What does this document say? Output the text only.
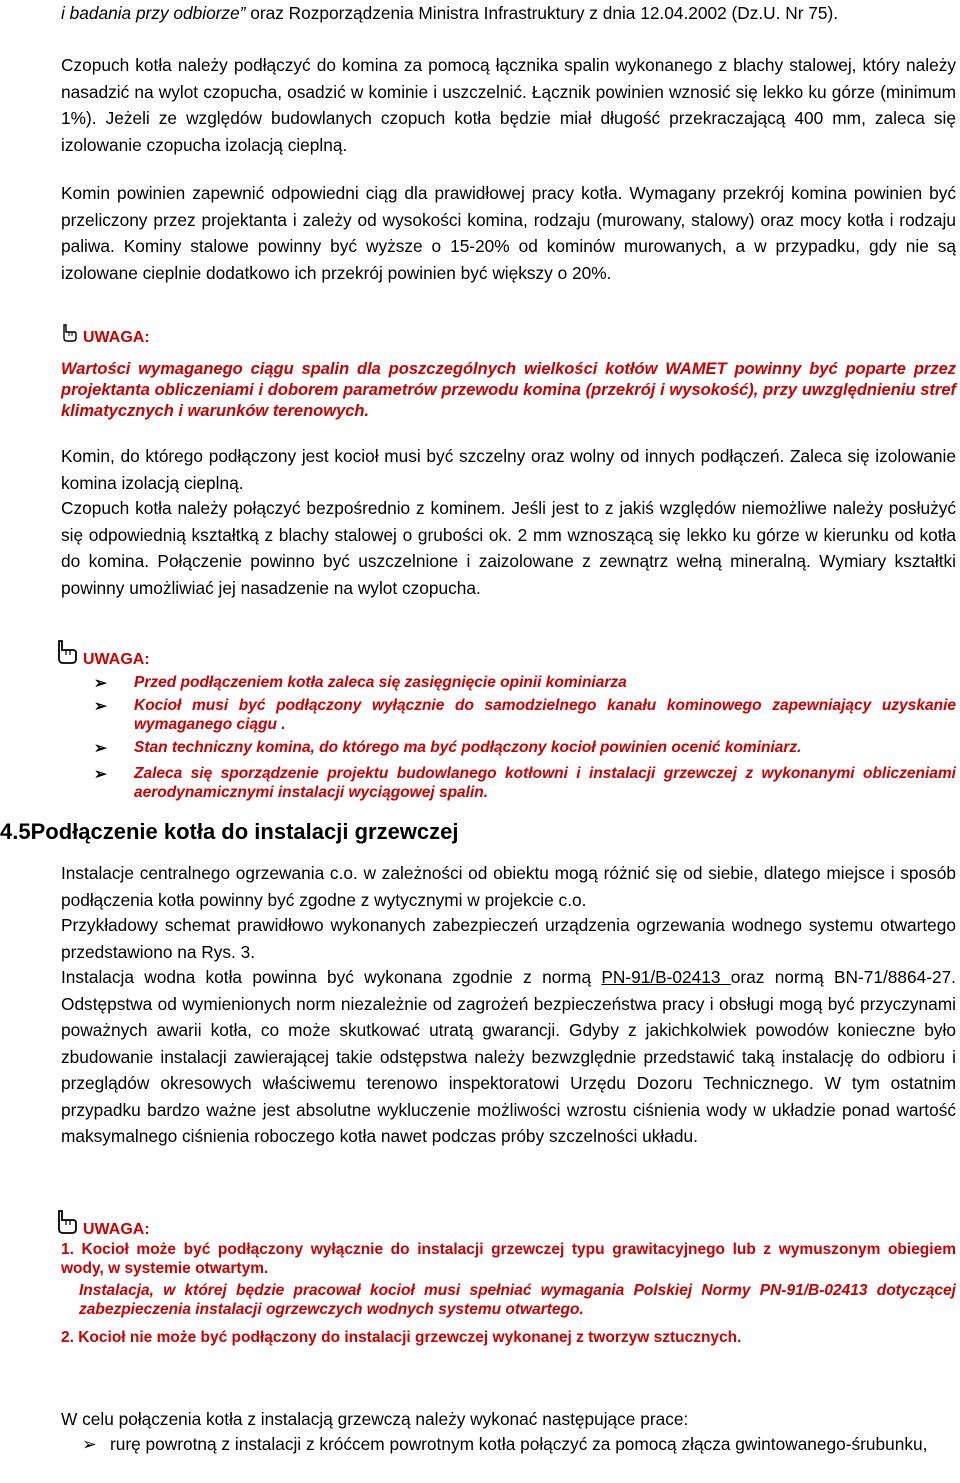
i badania przy odbiorze” oraz Rozporządzenia Ministra Infrastruktury z dnia 12.04.2002 (Dz.U. Nr 75).

Czopuch kotła należy podłączyć do komina za pomocą łącznika spalin wykonanego z blachy stalowej, który należy nasadzić na wylot czopucha, osadzić w kominie i uszczelnić. Łącznik powinien wznosić się lekko ku górze (minimum 1%). Jeżeli ze względów budowlanych czopuch kotła będzie miał długość przekraczającą 400 mm, zaleca się izolowanie czopucha izolacją cieplną.

Komin powinien zapewnić odpowiedni ciąg dla prawidłowej pracy kotła. Wymagany przekrój komina powinien być przeliczony przez projektanta i zależy od wysokości komina, rodzaju (murowany, stalowy) oraz mocy kotła i rodzaju paliwa. Kominy stalowe powinny być wyższe o 15-20% od kominów murowanych, a w przypadku, gdy nie są izolowane cieplnie dodatkowo ich przekrój powinien być większy o 20%.

UWAGA:

Wartości wymaganego ciągu spalin dla poszczególnych wielkości kotłów WAMET powinny być poparte przez projektanta obliczeniami i doborem parametrów przewodu komina (przekrój i wysokość), przy uwzględnieniu stref klimatycznych i warunków terenowych.

Komin, do którego podłączony jest kocioł musi być szczelny oraz wolny od innych podłączeń. Zaleca się izolowanie komina izolacją cieplną.

Czopuch kotła należy połączyć bezpośrednio z kominem. Jeśli jest to z jakiś względów niemożliwe należy posłużyć się odpowiednią kształtką z blachy stalowej o grubości ok. 2 mm wznoszącą się lekko ku górze w kierunku od kotła do komina. Połączenie powinno być uszczelnione i zaizolowane z zewnątrz wełną mineralną. Wymiary kształtki powinny umożliwiać jej nasadzenie na wylot czopucha.

UWAGA:
➢ Przed podłączeniem kotła zaleca się zasięgnięcie opinii kominiarza
➢ Kocioł musi być podłączony wyłącznie do samodzielnego kanału kominowego zapewniający uzyskanie wymaganego ciągu .
➢ Stan techniczny komina, do którego ma być podłączony kocioł powinien ocenić kominiarz.
➢ Zaleca się sporządzenie projektu budowlanego kotłowni i instalacji grzewczej z wykonanymi obliczeniami aerodynamicznymi instalacji wyciągowej spalin.
4.5Podłączenie kotła do instalacji grzewczej

Instalacje centralnego ogrzewania c.o. w zależności od obiektu mogą różnić się od siebie, dlatego miejsce i sposób podłączenia kotła powinny być zgodne z wytycznymi w projekcie c.o.

Przykładowy schemat prawidłowo wykonanych zabezpieczeń urządzenia ogrzewania wodnego systemu otwartego przedstawiono na Rys. 3.

Instalacja wodna kotła powinna być wykonana zgodnie z normą PN-91/B-02413 oraz normą BN-71/8864-27. Odstępstwa od wymienionych norm niezależnie od zagrożeń bezpieczeństwa pracy i obsługi mogą być przyczynami poważnych awarii kotła, co może skutkować utratą gwarancji. Gdyby z jakichkolwiek powodów konieczne było zbudowanie instalacji zawierającej takie odstępstwa należy bezwzględnie przedstawić taką instalację do odbioru i przeglądów okresowych właściwemu terenowo inspektoratowi Urzędu Dozoru Technicznego. W tym ostatnim przypadku bardzo ważne jest absolutne wykluczenie możliwości wzrostu ciśnienia wody w układzie ponad wartość maksymalnego ciśnienia roboczego kotła nawet podczas próby szczelności układu.

UWAGA:

1. Kocioł może być podłączony wyłącznie do instalacji grzewczej typu grawitacyjnego lub z wymuszonym obiegiem wody, w systemie otwartym.

Instalacja, w której będzie pracował kocioł musi spełniać wymagania Polskiej Normy PN-91/B-02413 dotyczącej zabezpieczenia instalacji ogrzewczych wodnych systemu otwartego.

2. Kocioł nie może być podłączony do instalacji grzewczej wykonanej z tworzyw sztucznych.

W celu połączenia kotła z instalacją grzewczą należy wykonać następujące prace:

➢ rurę powrotną z instalacji z króćcem powrotnym kotła połączyć za pomocą złącza gwintowanego-śrubunku,
